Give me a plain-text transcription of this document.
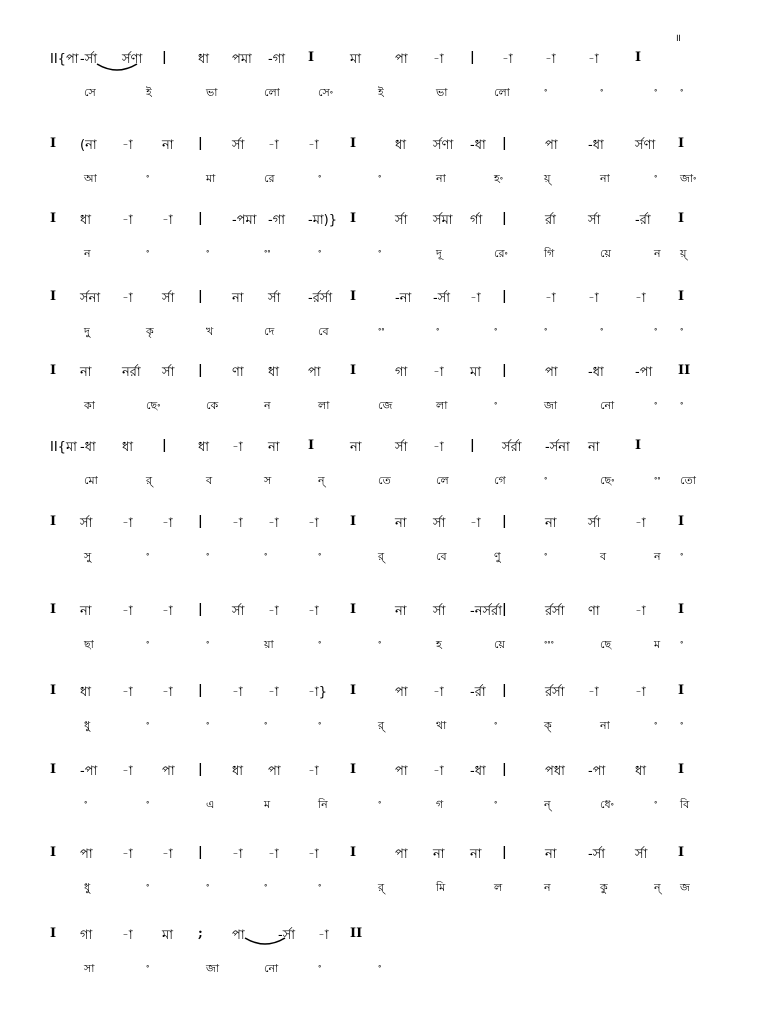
॥
II{পা -র্সা র্সণা | ধা পমা -গা I	মা	পা -া | -া -া -া	I
সে	ই	ভা	লো	সে৽	ই	ভা	লো	৽	৽	৽ ৽
I (না -া না | র্সা -া -া I	ধা র্সণা -ধা |	পা -ধা র্সণা I
আ	৽	মা	রে	৽	৽	না	হ৽	য়্	না	৽ জা৽
I ধা -া -া | -পমা -গা -মা)} I	র্সা র্সমা র্গা |	র্রা র্সা	-র্রা I
ন	৽	৽	৽৽	৽	৽	দূ	রে৽	গি	য়ে	ন য়্
I র্সনা -া র্সা | না র্সা -র্রর্সা I	-না -র্সা -া |	-া -া	-া I
দু	কৃ	খ	দে	বে	৽৽	৽	৽	৽	৽	৽ ৽
I না নর্রা র্সা | ণা ধা পা I	গা -া মা |	পা -ধা -পা II
কা	ছে৽	কে	ন	লা	জে	লা	৽	জা	নো	৽ ৽
II{মা -ধা ধা | ধা -া না I	না	র্সা -া | র্সর্রা -র্সনা না	I
মো	র্	ব	স	ন্	তে	লে	গে	৽	ছে৽	৽৽ তো
I র্সা -া -া | -া -া -া I	না র্সা -া |	না র্সা	-া I
সু	৽	৽	৽	৽	র্	বে	ণু	৽	ব	ন ৽
I না -া -া | র্সা -া -া I	না র্সা -নর্সর্রা |	র্রর্সা ণা	-া I
ছা	৽	৽	য়া	৽	৽	হ	য়ে	৽৽৽	ছে	ম ৽
I ধা -া -া | -া -া -া} I	পা -া -র্রা |	র্রর্সা -া	-া I
ধু	৽	৽	৽	৽	র্	থা	৽	ক্	না	৽ ৽
I -পা -া পা | ধা পা -া I	পা -া -ধা |	পধা -পা ধা I
৽	৽	এ	ম	নি	৽	গ	৽	ন্	ধে৽	৽ বি
I পা -া -া | -া -া -া I	পা না না |	না -র্সা র্সা I
ধু	৽	৽	৽	৽	র্	মি	ল	ন	কু	ন্ জ
I গা -া মা ; পা	-র্সা -া II
সা	৽	জা	নো	৽	৽
